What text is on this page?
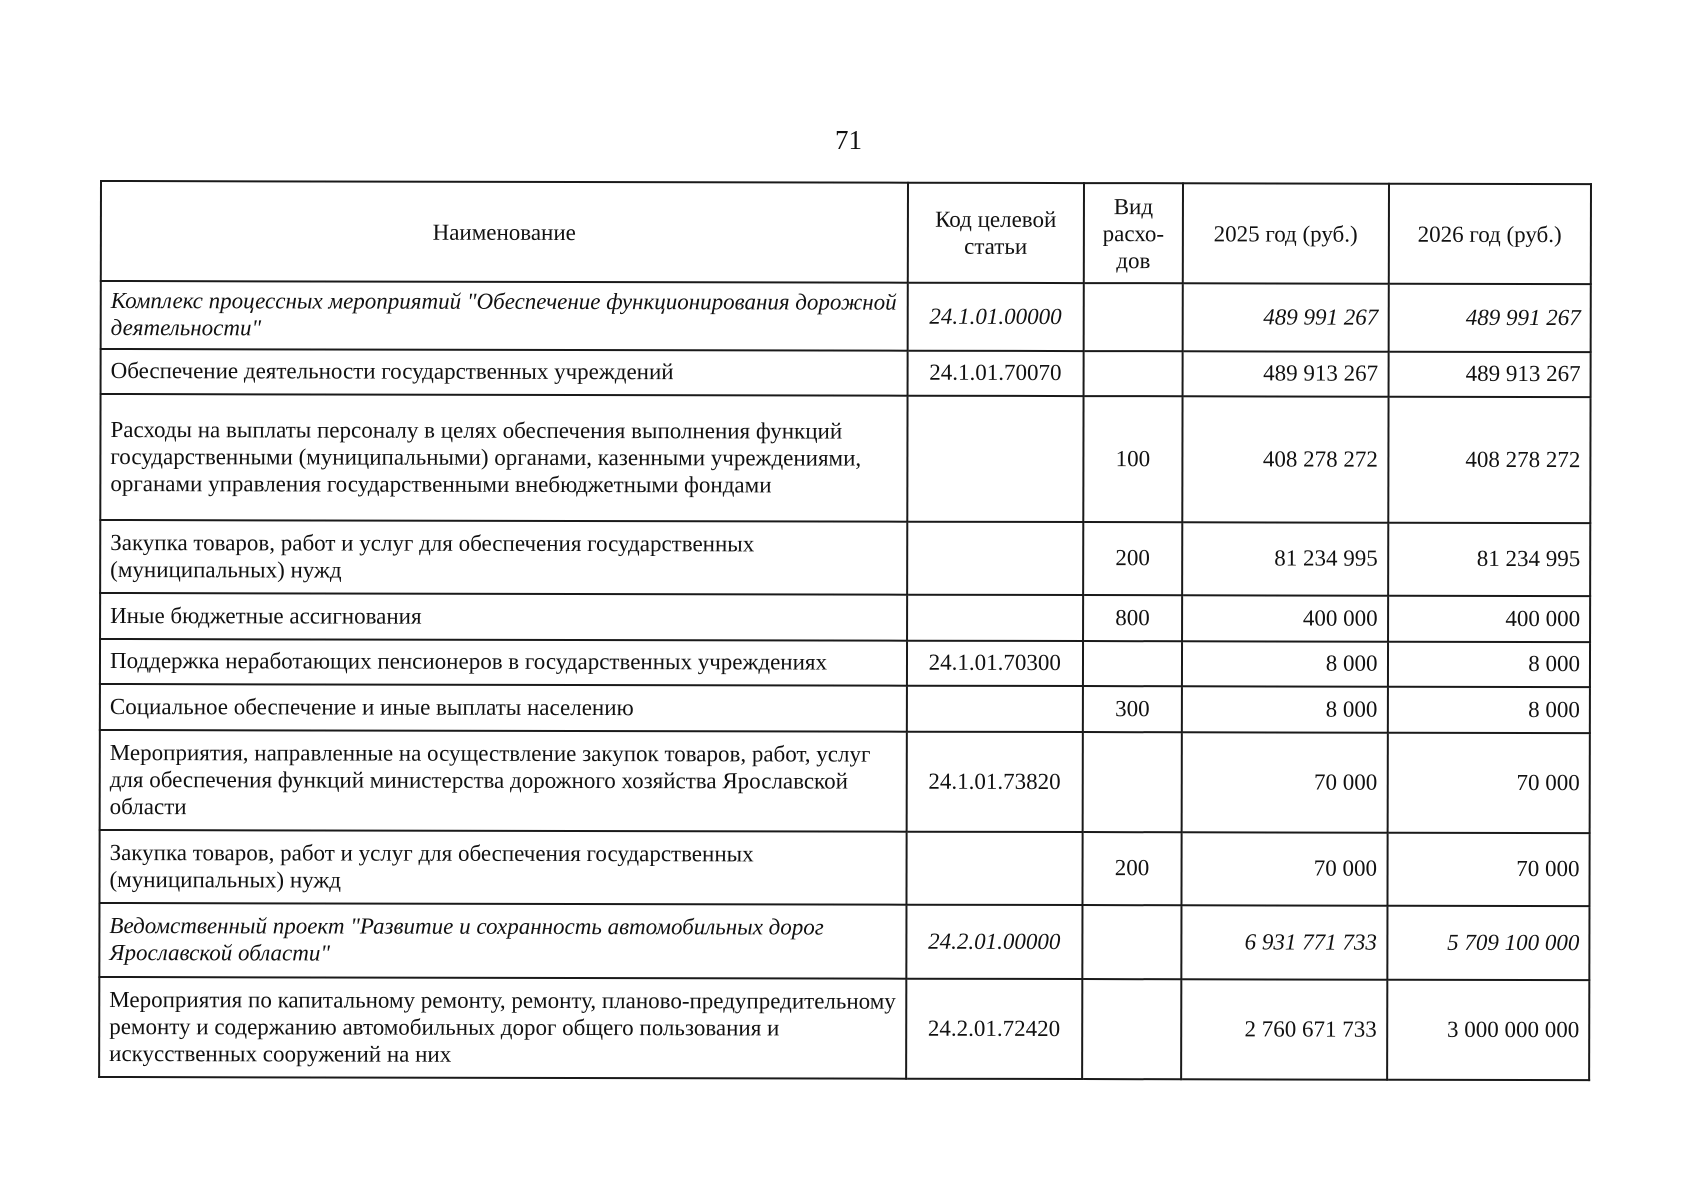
71
Наименование	Код целевой статьи	Вид расхо-дов	2025 год (руб.)	2026 год (руб.)
Комплекс процессных мероприятий "Обеспечение функционирования дорожной деятельности"	24.1.01.00000		489 991 267	489 991 267
Обеспечение деятельности государственных учреждений	24.1.01.70070		489 913 267	489 913 267
Расходы на выплаты персоналу в целях обеспечения выполнения функций государственными (муниципальными) органами, казенными учреждениями, органами управления государственными внебюджетными фондами		100	408 278 272	408 278 272
Закупка товаров, работ и услуг для обеспечения государственных (муниципальных) нужд		200	81 234 995	81 234 995
Иные бюджетные ассигнования		800	400 000	400 000
Поддержка неработающих пенсионеров в государственных учреждениях	24.1.01.70300		8 000	8 000
Социальное обеспечение и иные выплаты населению		300	8 000	8 000
Мероприятия, направленные на осуществление закупок товаров, работ, услуг для обеспечения функций министерства дорожного хозяйства Ярославской области	24.1.01.73820		70 000	70 000
Закупка товаров, работ и услуг для обеспечения государственных (муниципальных) нужд		200	70 000	70 000
Ведомственный проект "Развитие и сохранность автомобильных дорог Ярославской области"	24.2.01.00000		6 931 771 733	5 709 100 000
Мероприятия по капитальному ремонту, ремонту, планово-предупредительному ремонту и содержанию автомобильных дорог общего пользования и искусственных сооружений на них	24.2.01.72420		2 760 671 733	3 000 000 000
